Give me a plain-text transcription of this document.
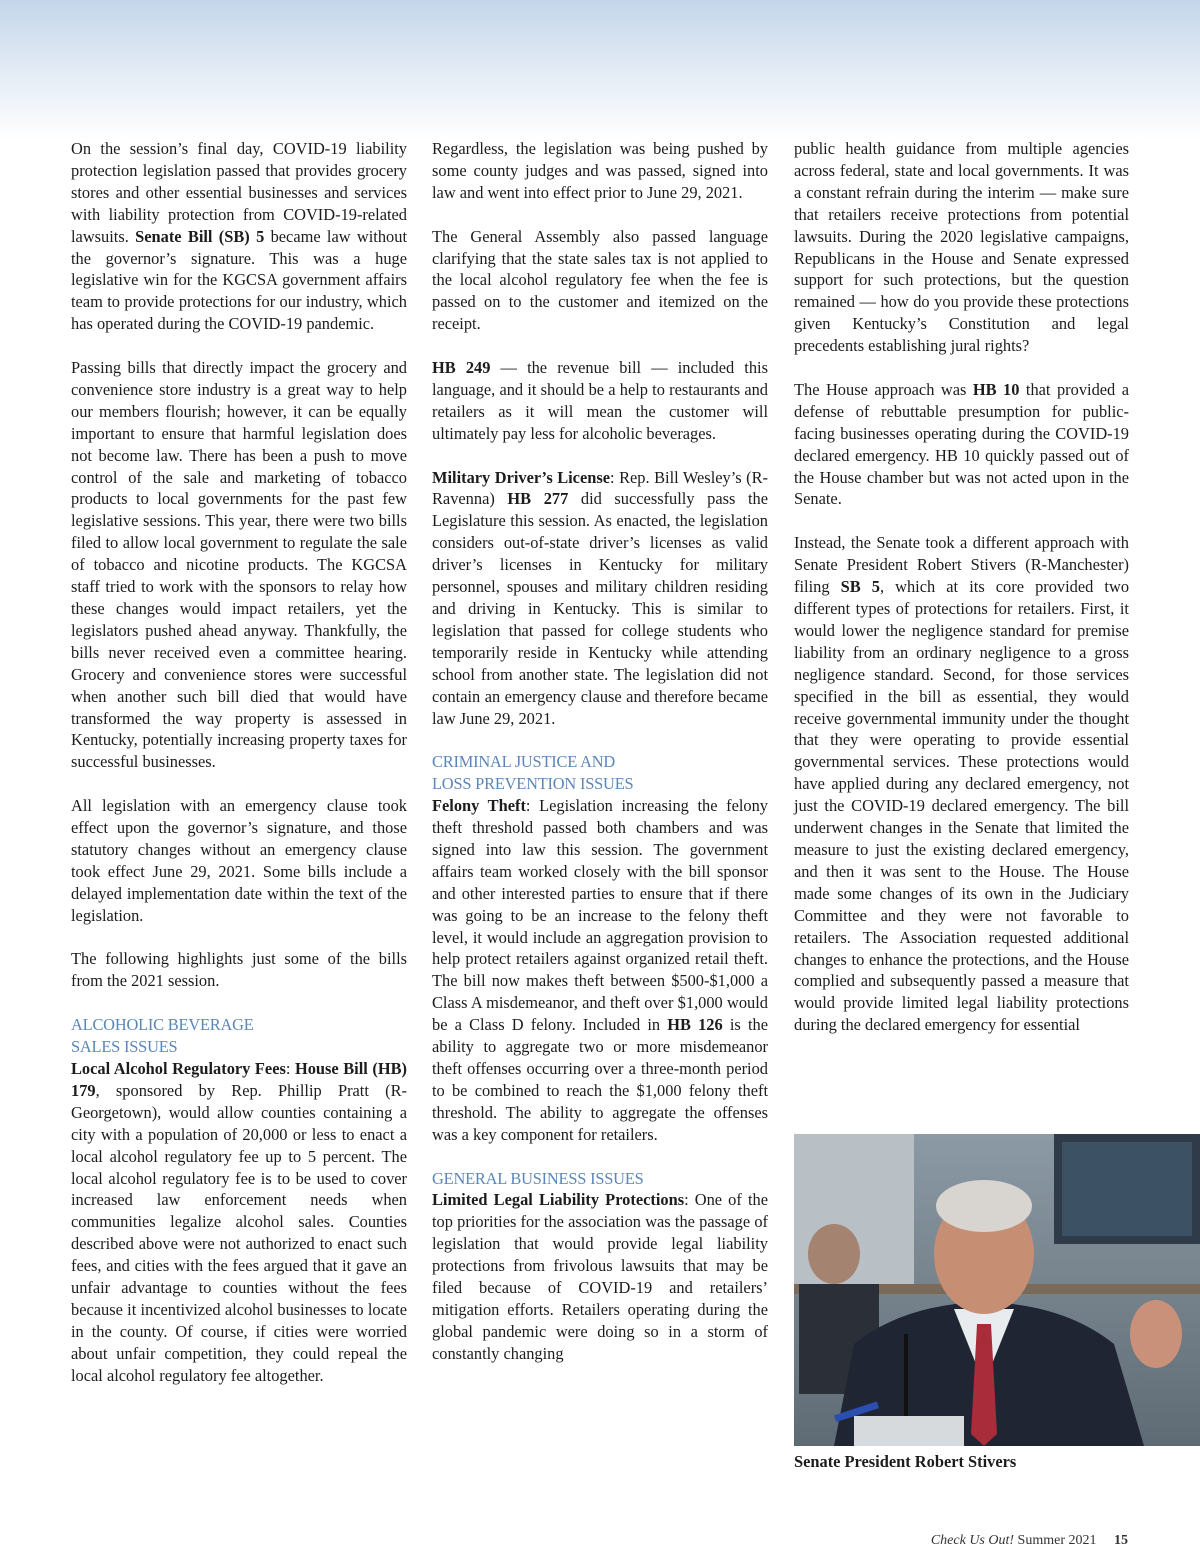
On the session’s final day, COVID-19 liability protection legislation passed that provides grocery stores and other essential businesses and services with liability protection from COVID-19-related lawsuits. Senate Bill (SB) 5 became law without the governor’s signature. This was a huge legislative win for the KGCSA government affairs team to provide protections for our industry, which has operated during the COVID-19 pandemic.

Passing bills that directly impact the grocery and convenience store industry is a great way to help our members flourish; however, it can be equally important to ensure that harmful legislation does not become law. There has been a push to move control of the sale and marketing of tobacco products to local governments for the past few legislative sessions. This year, there were two bills filed to allow local government to regulate the sale of tobacco and nicotine products. The KGCSA staff tried to work with the sponsors to relay how these changes would impact retailers, yet the legislators pushed ahead anyway. Thankfully, the bills never received even a committee hearing. Grocery and convenience stores were successful when another such bill died that would have transformed the way property is assessed in Kentucky, potentially increasing property taxes for successful businesses.

All legislation with an emergency clause took effect upon the governor’s signature, and those statutory changes without an emergency clause took effect June 29, 2021. Some bills include a delayed implementation date within the text of the legislation.

The following highlights just some of the bills from the 2021 session.

ALCOHOLIC BEVERAGE
SALES ISSUES

Local Alcohol Regulatory Fees: House Bill (HB) 179, sponsored by Rep. Phillip Pratt (R-Georgetown), would allow counties containing a city with a population of 20,000 or less to enact a local alcohol regulatory fee up to 5 percent. The local alcohol regulatory fee is to be used to cover increased law enforcement needs when communities legalize alcohol sales. Counties described above were not authorized to enact such fees, and cities with the fees argued that it gave an unfair advantage to counties without the fees because it incentivized alcohol businesses to locate in the county. Of course, if cities were worried about unfair competition, they could repeal the local alcohol regulatory fee altogether.

Regardless, the legislation was being pushed by some county judges and was passed, signed into law and went into effect prior to June 29, 2021.

The General Assembly also passed language clarifying that the state sales tax is not applied to the local alcohol regulatory fee when the fee is passed on to the customer and itemized on the receipt.

HB 249 — the revenue bill — included this language, and it should be a help to restaurants and retailers as it will mean the customer will ultimately pay less for alcoholic beverages.

Military Driver’s License: Rep. Bill Wesley’s (R-Ravenna) HB 277 did successfully pass the Legislature this session. As enacted, the legislation considers out-of-state driver’s licenses as valid driver’s licenses in Kentucky for military personnel, spouses and military children residing and driving in Kentucky. This is similar to legislation that passed for college students who temporarily reside in Kentucky while attending school from another state. The legislation did not contain an emergency clause and therefore became law June 29, 2021.

CRIMINAL JUSTICE AND
LOSS PREVENTION ISSUES

Felony Theft: Legislation increasing the felony theft threshold passed both chambers and was signed into law this session. The government affairs team worked closely with the bill sponsor and other interested parties to ensure that if there was going to be an increase to the felony theft level, it would include an aggregation provision to help protect retailers against organized retail theft. The bill now makes theft between $500-$1,000 a Class A misdemeanor, and theft over $1,000 would be a Class D felony. Included in HB 126 is the ability to aggregate two or more misdemeanor theft offenses occurring over a three-month period to be combined to reach the $1,000 felony theft threshold. The ability to aggregate the offenses was a key component for retailers.

GENERAL BUSINESS ISSUES

Limited Legal Liability Protections: One of the top priorities for the association was the passage of legislation that would provide legal liability protections from frivolous lawsuits that may be filed because of COVID-19 and retailers’ mitigation efforts. Retailers operating during the global pandemic were doing so in a storm of constantly changing

public health guidance from multiple agencies across federal, state and local governments. It was a constant refrain during the interim — make sure that retailers receive protections from potential lawsuits. During the 2020 legislative campaigns, Republicans in the House and Senate expressed support for such protections, but the question remained — how do you provide these protections given Kentucky’s Constitution and legal precedents establishing jural rights?

The House approach was HB 10 that provided a defense of rebuttable presumption for public-facing businesses operating during the COVID-19 declared emergency. HB 10 quickly passed out of the House chamber but was not acted upon in the Senate.

Instead, the Senate took a different approach with Senate President Robert Stivers (R-Manchester) filing SB 5, which at its core provided two different types of protections for retailers. First, it would lower the negligence standard for premise liability from an ordinary negligence to a gross negligence standard. Second, for those services specified in the bill as essential, they would receive governmental immunity under the thought that they were operating to provide essential governmental services. These protections would have applied during any declared emergency, not just the COVID-19 declared emergency. The bill underwent changes in the Senate that limited the measure to just the existing declared emergency, and then it was sent to the House. The House made some changes of its own in the Judiciary Committee and they were not favorable to retailers. The Association requested additional changes to enhance the protections, and the House complied and subsequently passed a measure that would provide limited legal liability protections during the declared emergency for essential

Senate President Robert Stivers
Check Us Out! Summer 2021 15
